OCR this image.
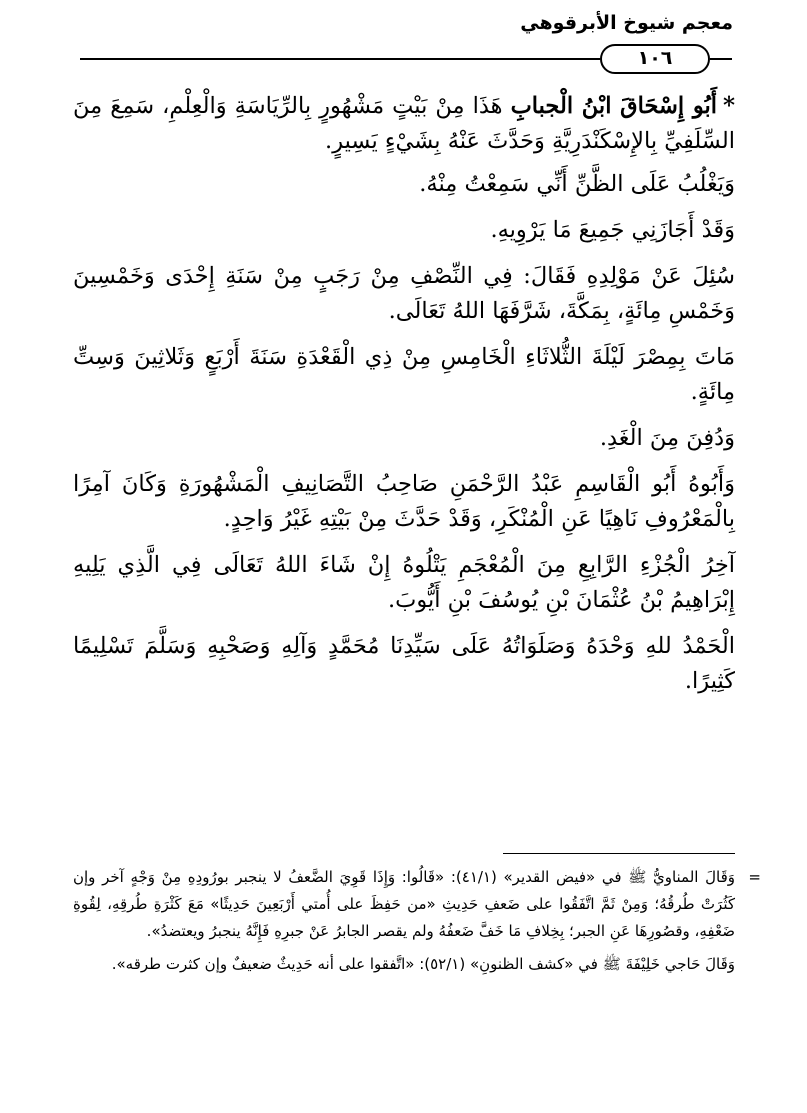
معجم شيوخ الأبرقوهي
١٠٦

*أَبُو إِسْحَاقَ ابْنُ الْجبابِ هَذَا مِنْ بَيْتٍ مَشْهُورٍ بِالرِّيَاسَةِ وَالْعِلْمِ، سَمِعَ مِنَ السِّلَفِيِّ بِالإِسْكَنْدَرِيَّةِ وَحَدَّثَ عَنْهُ بِشَيْءٍ يَسِيرٍ.

وَيَغْلُبُ عَلَى الظَّنِّ أَنِّي سَمِعْتُ مِنْهُ.

وَقَدْ أَجَازَنِي جَمِيعَ مَا يَرْوِيهِ.

سُئِلَ عَنْ مَوْلِدِهِ فَقَالَ: فِي النِّصْفِ مِنْ رَجَبٍ مِنْ سَنَةِ إِحْدَى وَخَمْسِينَ وَخَمْسِ مِائَةٍ، بِمَكَّةَ، شَرَّفَهَا اللهُ تَعَالَى.

مَاتَ بِمِصْرَ لَيْلَةَ الثُّلاثَاءِ الْخَامِسِ مِنْ ذِي الْقَعْدَةِ سَنَةَ أَرْبَعٍ وَثَلاثِينَ وَسِتِّ مِائَةٍ.

وَدُفِنَ مِنَ الْغَدِ.

وَأَبُوهُ أَبُو الْقَاسِمِ عَبْدُ الرَّحْمَنِ صَاحِبُ التَّصَانِيفِ الْمَشْهُورَةِ وَكَانَ آمِرًا بِالْمَعْرُوفِ نَاهِيًا عَنِ الْمُنْكَرِ، وَقَدْ حَدَّثَ مِنْ بَيْتِهِ غَيْرُ وَاحِدٍ.

آخِرُ الْجُزْءِ الرَّابِعِ مِنَ الْمُعْجَمِ يَتْلُوهُ إِنْ شَاءَ اللهُ تَعَالَى فِي الَّذِي يَلِيهِ إِبْرَاهِيمُ بْنُ عُثْمَانَ بْنِ يُوسُفَ بْنِ أَيُّوبَ.

الْحَمْدُ للهِ وَحْدَهُ وَصَلَوَاتُهُ عَلَى سَيِّدِنَا مُحَمَّدٍ وَآلِهِ وَصَحْبِهِ وَسَلَّمَ تَسْلِيمًا كَثِيرًا.

=
وَقَالَ المناويُّ ﷺ في «فيض القدير» (٤١/١): «قَالُوا: وَإِذَا قَوِيَ الضَّعفُ لا ينجبر بورُودِهِ مِنْ وَجْهٍ آخر وإن كَثُرَتْ طُرقُهُ؛ وَمِنْ ثَمَّ اتَّفَقُوا على ضَعفِ حَدِيثِ «من حَفِظَ على أُمتي أَرْبَعِينَ حَدِيثًا» مَعَ كَثْرَةِ طُرقِهِ، لِقُوةِ ضَعْفِهِ، وقصُورِهَا عَنِ الجبر؛ بِخِلافِ مَا خَفَّ ضَعفُهُ ولم يقصر الجابرُ عَنْ جبرِهِ فَإِنَّهُ ينجبرُ ويعتضدُ».

وَقَالَ حَاجي خَلِيْفَةَ ﷺ في «كشف الظنونِ» (٥٢/١): «اتَّفقوا على أنه حَدِيثٌ ضعيفٌ وإن كثرت طرقه».
